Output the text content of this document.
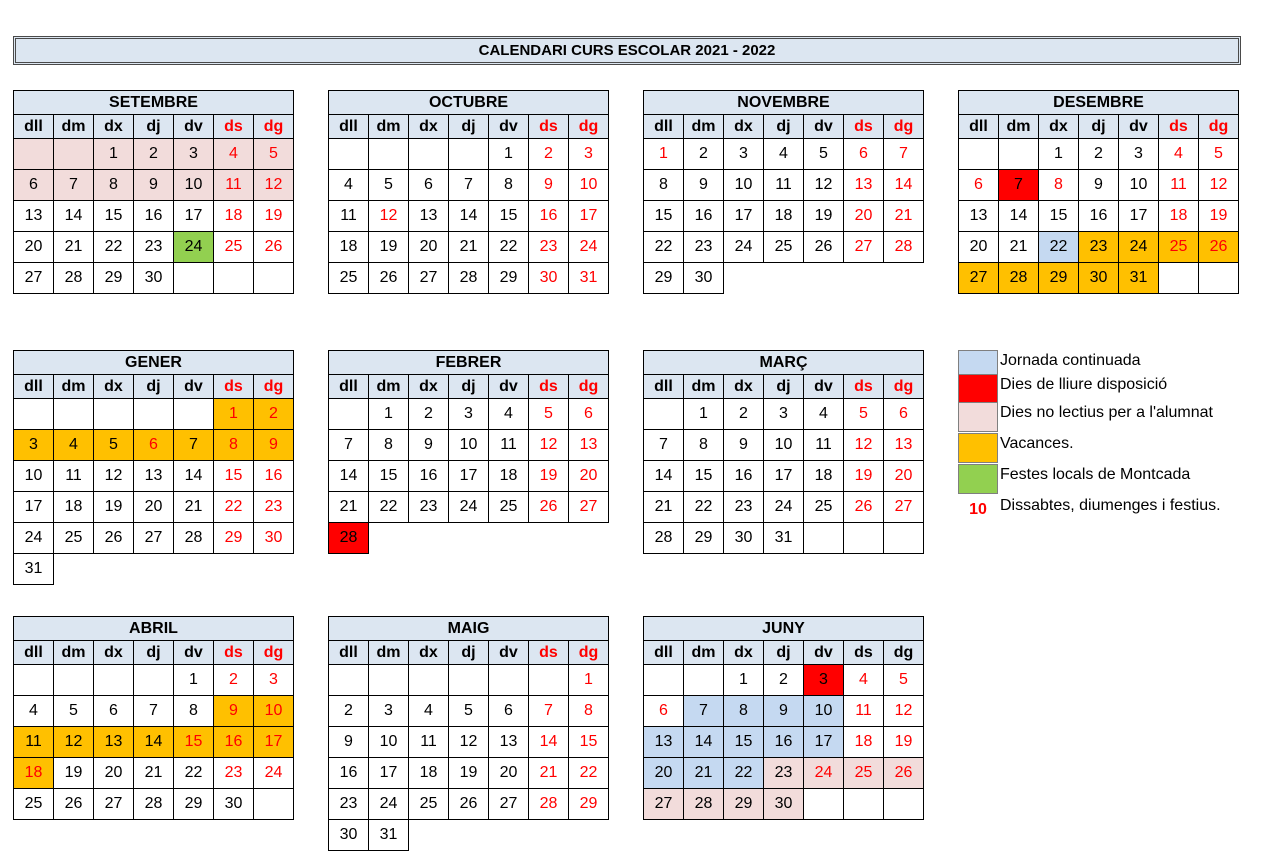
CALENDARI CURS ESCOLAR 2021 - 2022
SETEMBRE						
dll	dm	dx	dj	dv	ds	dg
		1	2	3	4	5
6	7	8	9	10	11	12
13	14	15	16	17	18	19
20	21	22	23	24	25	26
27	28	29	30			
OCTUBRE						
dll	dm	dx	dj	dv	ds	dg
				1	2	3
4	5	6	7	8	9	10
11	12	13	14	15	16	17
18	19	20	21	22	23	24
25	26	27	28	29	30	31
NOVEMBRE						
dll	dm	dx	dj	dv	ds	dg
1	2	3	4	5	6	7
8	9	10	11	12	13	14
15	16	17	18	19	20	21
22	23	24	25	26	27	28
29	30					
DESEMBRE						
dll	dm	dx	dj	dv	ds	dg
		1	2	3	4	5
6	7	8	9	10	11	12
13	14	15	16	17	18	19
20	21	22	23	24	25	26
27	28	29	30	31		
GENER						
dll	dm	dx	dj	dv	ds	dg
					1	2
3	4	5	6	7	8	9
10	11	12	13	14	15	16
17	18	19	20	21	22	23
24	25	26	27	28	29	30
31						
FEBRER						
dll	dm	dx	dj	dv	ds	dg
	1	2	3	4	5	6
7	8	9	10	11	12	13
14	15	16	17	18	19	20
21	22	23	24	25	26	27
28						
MARÇ						
dll	dm	dx	dj	dv	ds	dg
	1	2	3	4	5	6
7	8	9	10	11	12	13
14	15	16	17	18	19	20
21	22	23	24	25	26	27
28	29	30	31			
ABRIL						
dll	dm	dx	dj	dv	ds	dg
				1	2	3
4	5	6	7	8	9	10
11	12	13	14	15	16	17
18	19	20	21	22	23	24
25	26	27	28	29	30	
MAIG						
dll	dm	dx	dj	dv	ds	dg
						1
2	3	4	5	6	7	8
9	10	11	12	13	14	15
16	17	18	19	20	21	22
23	24	25	26	27	28	29
30	31					
JUNY						
dll	dm	dx	dj	dv	ds	dg
		1	2	3	4	5
6	7	8	9	10	11	12
13	14	15	16	17	18	19
20	21	22	23	24	25	26
27	28	29	30			
Jornada continuada
Dies de lliure disposició
Dies no lectius per a l'alumnat
Vacances.
Festes locals de Montcada
10 Dissabtes, diumenges i festius.
